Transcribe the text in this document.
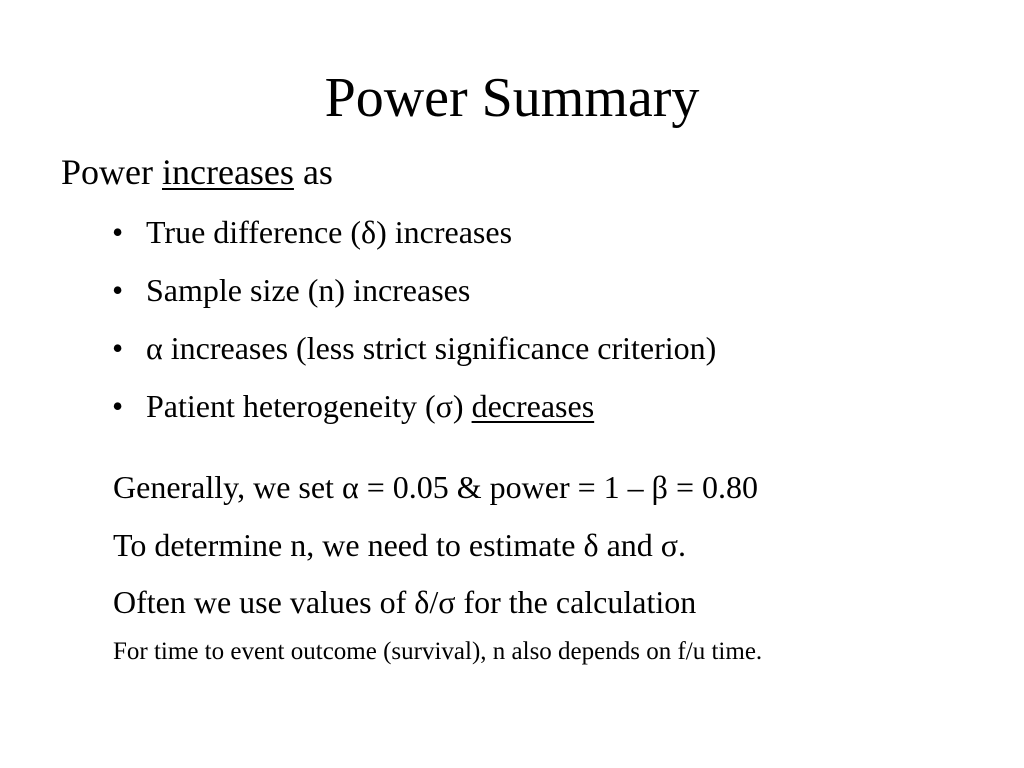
Power Summary
Power increases as
• True difference (δ) increases
• Sample size (n) increases
• α increases (less strict significance criterion)
• Patient heterogeneity (σ) decreases
Generally, we set α = 0.05 & power = 1 – β = 0.80
To determine n, we need to estimate δ and σ.
Often we use values of δ/σ for the calculation
For time to event outcome (survival), n also depends on f/u time.
